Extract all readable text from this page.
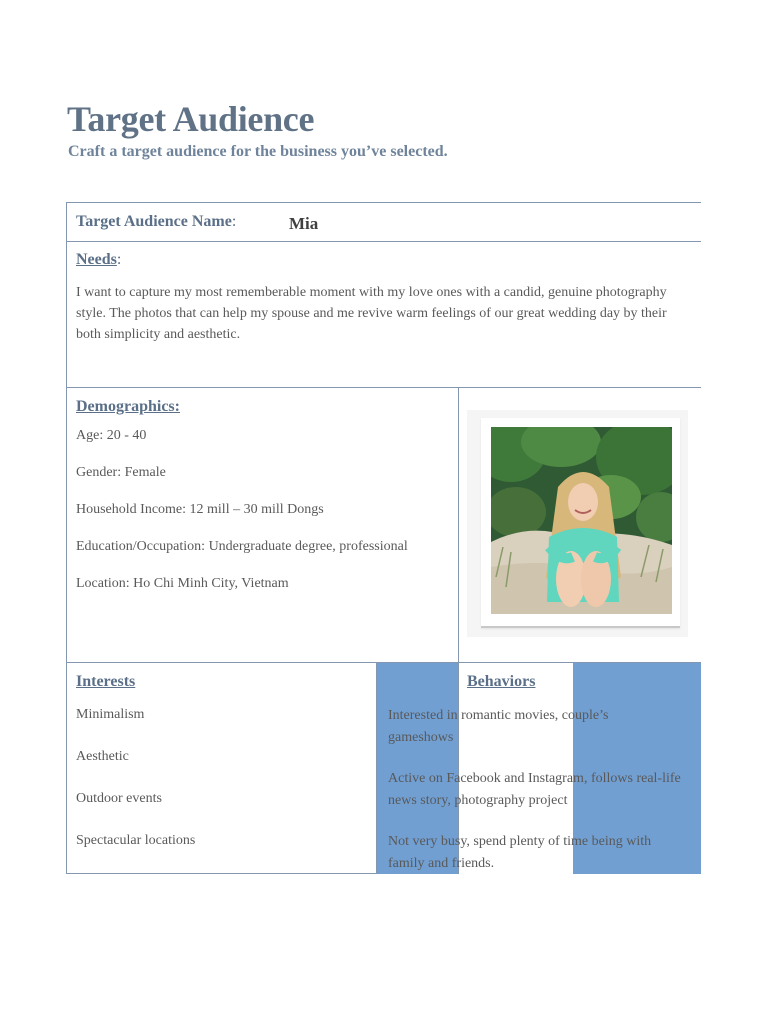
Target Audience
Craft a target audience for the business you’ve selected.
Target Audience Name:	Mia
Needs:
I want to capture my most rememberable moment with my love ones with a candid, genuine photography style. The photos that can help my spouse and me revive warm feelings of our great wedding day by their both simplicity and aesthetic.
Demographics:
Age: 20 - 40
Gender: Female
Household Income: 12 mill – 30 mill Dongs
Education/Occupation: Undergraduate degree, professional
Location: Ho Chi Minh City, Vietnam
Interests
Minimalism
Aesthetic
Outdoor events
Spectacular locations
Behaviors
Interested in romantic movies, couple’s gameshows
Active on Facebook and Instagram, follows real-life news story, photography project
Not very busy, spend plenty of time being with family and friends.
